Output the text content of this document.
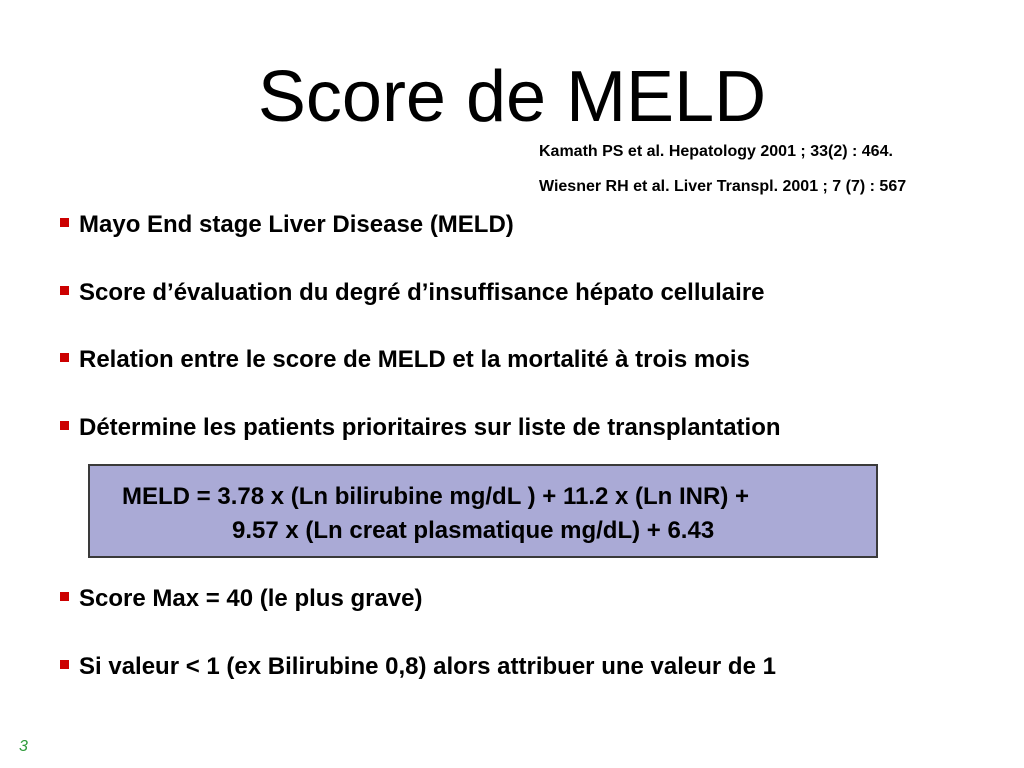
Score de MELD
Kamath PS et al. Hepatology 2001 ; 33(2) : 464.
Wiesner RH et al. Liver Transpl. 2001 ; 7 (7) : 567
Mayo End stage Liver Disease (MELD)
Score d’évaluation du degré d’insuffisance hépato cellulaire
Relation entre le score de MELD et la mortalité à trois mois
Détermine les patients prioritaires sur liste de transplantation
MELD = 3.78 x (Ln bilirubine mg/dL ) + 11.2 x (Ln INR) +
9.57 x (Ln creat plasmatique mg/dL) + 6.43
Score Max = 40 (le plus grave)
Si valeur < 1 (ex Bilirubine 0,8) alors attribuer une valeur de 1
3
